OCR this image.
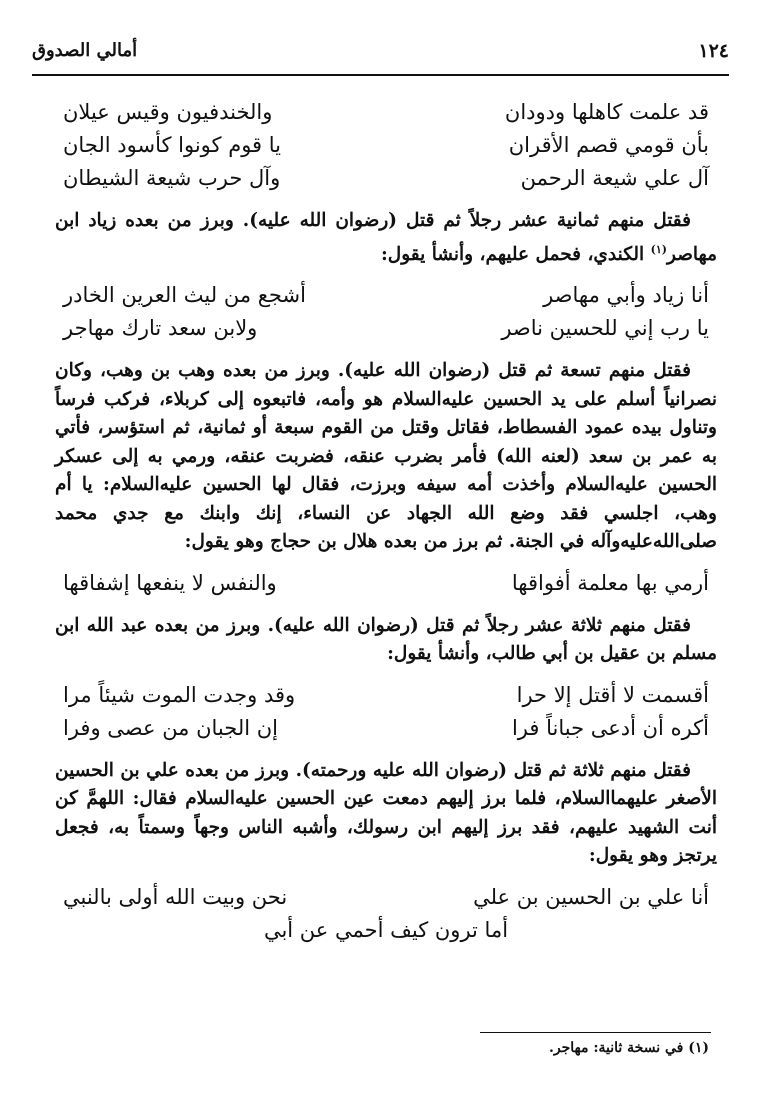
١٢٤
أمالي الصدوق
قد علمت كاهلها ودودان
والخندفيون وقيس عيلان
بأن قومي قصم الأقران
يا قوم كونوا كأسود الجان
آل علي شيعة الرحمن
وآل حرب شيعة الشيطان

فقتل منهم ثمانية عشر رجلاً ثم قتل (رضوان الله عليه). وبرز من بعده زياد ابن مهاصر$^{(١)}$ الكندي، فحمل عليهم، وأنشأ يقول:

أنا زياد وأبي مهاصر
أشجع من ليث العرين الخادر
يا رب إني للحسين ناصر
ولابن سعد تارك مهاجر

فقتل منهم تسعة ثم قتل (رضوان الله عليه). وبرز من بعده وهب بن وهب، وكان نصرانياً أسلم على يد الحسين عليه‌السلام هو وأمه، فاتبعوه إلى كربلاء، فركب فرساً وتناول بيده عمود الفسطاط، فقاتل وقتل من القوم سبعة أو ثمانية، ثم استؤسر، فأتي به عمر بن سعد (لعنه الله) فأمر بضرب عنقه، فضربت عنقه، ورمي به إلى عسكر الحسين عليه‌السلام وأخذت أمه سيفه وبرزت، فقال لها الحسين عليه‌السلام: يا أم وهب، اجلسي فقد وضع الله الجهاد عن النساء، إنك وابنك مع جدي محمد صلى‌الله‌عليه‌وآله في الجنة. ثم برز من بعده هلال بن حجاج وهو يقول:

أرمي بها معلمة أفواقها
والنفس لا ينفعها إشفاقها

فقتل منهم ثلاثة عشر رجلاً ثم قتل (رضوان الله عليه). وبرز من بعده عبد الله ابن مسلم بن عقيل بن أبي طالب، وأنشأ يقول:

أقسمت لا أقتل إلا حرا
وقد وجدت الموت شيئاً مرا
أكره أن أدعى جباناً فرا
إن الجبان من عصى وفرا

فقتل منهم ثلاثة ثم قتل (رضوان الله عليه ورحمته). وبرز من بعده علي بن الحسين الأصغر عليهما‌السلام، فلما برز إليهم دمعت عين الحسين عليه‌السلام فقال: اللهمَّ كن أنت الشهيد عليهم، فقد برز إليهم ابن رسولك، وأشبه الناس وجهاً وسمتاً به، فجعل يرتجز وهو يقول:

أنا علي بن الحسين بن علي
نحن وبيت الله أولى بالنبي
أما ترون كيف أحمي عن أبي
(١) في نسخة ثانية: مهاجر.
